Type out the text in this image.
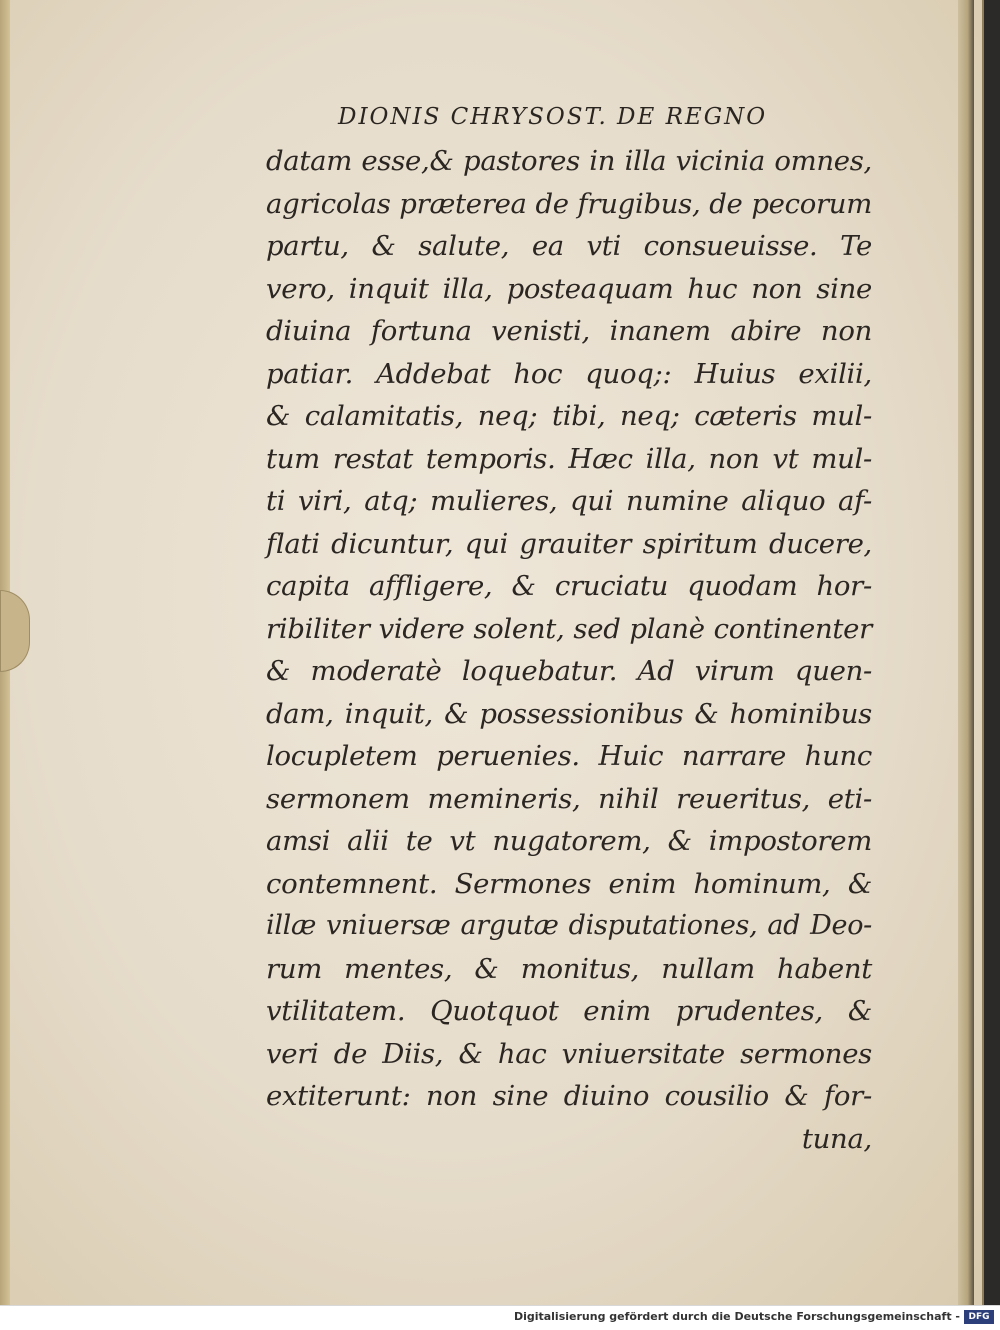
DIONIS CHRYSOST. DE REGNO
datam esse,& pastores in illa vicinia omnes,
agricolas præterea de frugibus, de pecorum
partu, & salute, ea vti consueuisse. Te
vero, inquit illa, posteaquam huc non sine
diuina fortuna venisti, inanem abire non
patiar. Addebat hoc quoq;: Huius exilii,
& calamitatis, neq; tibi, neq; cæteris mul-
tum restat temporis. Hæc illa, non vt mul-
ti viri, atq; mulieres, qui numine aliquo af-
flati dicuntur, qui grauiter spiritum ducere,
capita affligere, & cruciatu quodam hor-
ribiliter videre solent, sed planè continenter
& moderatè loquebatur. Ad virum quen-
dam, inquit, & possessionibus & hominibus
locupletem peruenies. Huic narrare hunc
sermonem memineris, nihil reueritus, eti-
amsi alii te vt nugatorem, & impostorem
contemnent. Sermones enim hominum, &
illæ vniuersæ argutæ disputationes, ad Deo-
rum mentes, & monitus, nullam habent
vtilitatem. Quotquot enim prudentes, &
veri de Diis, & hac vniuersitate sermones
extiterunt: non sine diuino cousilio & for-
tuna,
Digitalisierung gefördert durch die Deutsche Forschungsgemeinschaft - DFG
